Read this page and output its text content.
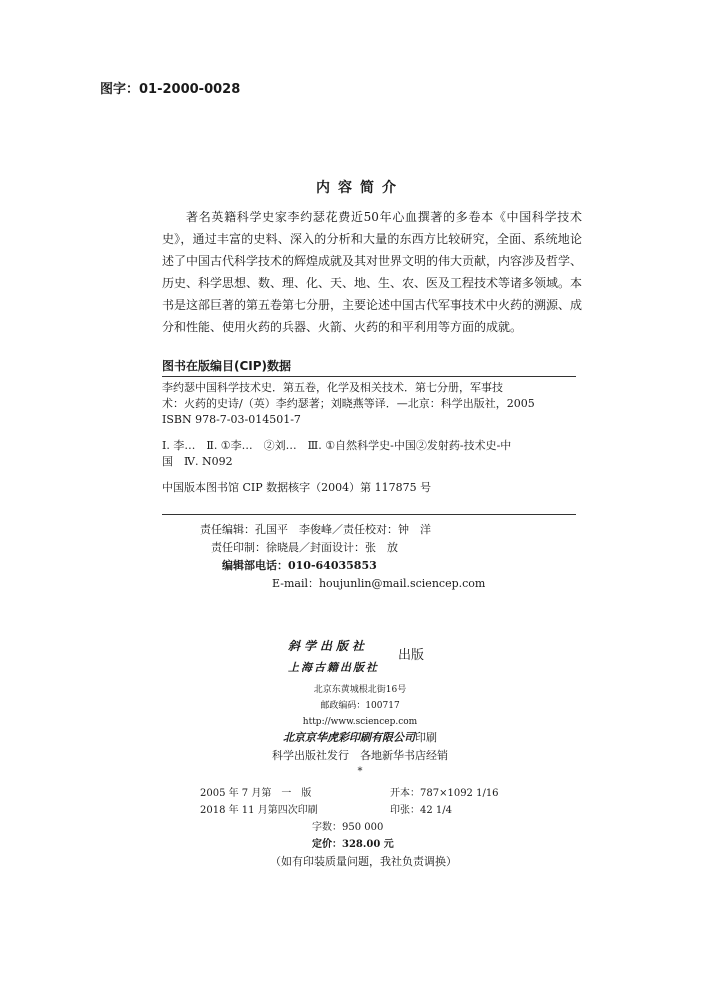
图字：01-2000-0028
内容简介

著名英籍科学史家李约瑟花费近50年心血撰著的多卷本《中国科学技术史》，通过丰富的史料、深入的分析和大量的东西方比较研究，全面、系统地论述了中国古代科学技术的辉煌成就及其对世界文明的伟大贡献，内容涉及哲学、历史、科学思想、数、理、化、天、地、生、农、医及工程技术等诸多领域。本书是这部巨著的第五卷第七分册，主要论述中国古代军事技术中火药的溯源、成分和性能、使用火药的兵器、火箭、火药的和平利用等方面的成就。

图书在版编目(CIP)数据
李约瑟中国科学技术史．第五卷，化学及相关技术．第七分册，军事技
术：火药的史诗/（英）李约瑟著；刘晓燕等译．—北京：科学出版社，2005
ISBN 978-7-03-014501-7
Ⅰ. 李…　Ⅱ. ①李…　②刘…　Ⅲ. ①自然科学史-中国②发射药-技术史-中
国　Ⅳ. N092
中国版本图书馆 CIP 数据核字（2004）第 117875 号
责任编辑：孔国平　李俊峰／责任校对：钟　洋
责任印制：徐晓晨／封面设计：张　放
编辑部电话：010-64035853
E-mail：houjunlin@mail.sciencep.com
斜学出版社
上海古籍出版社
出版
北京东黄城根北街16号
邮政编码：100717
http://www.sciencep.com
北京京华虎彩印刷有限公司印刷
科学出版社发行　各地新华书店经销
*
2005 年 7 月第　一　版	开本：787×1092 1/16
2018 年 11 月第四次印刷	印张：42 1/4
字数：950 000
定价：328.00 元
（如有印装质量问题，我社负责调换）
